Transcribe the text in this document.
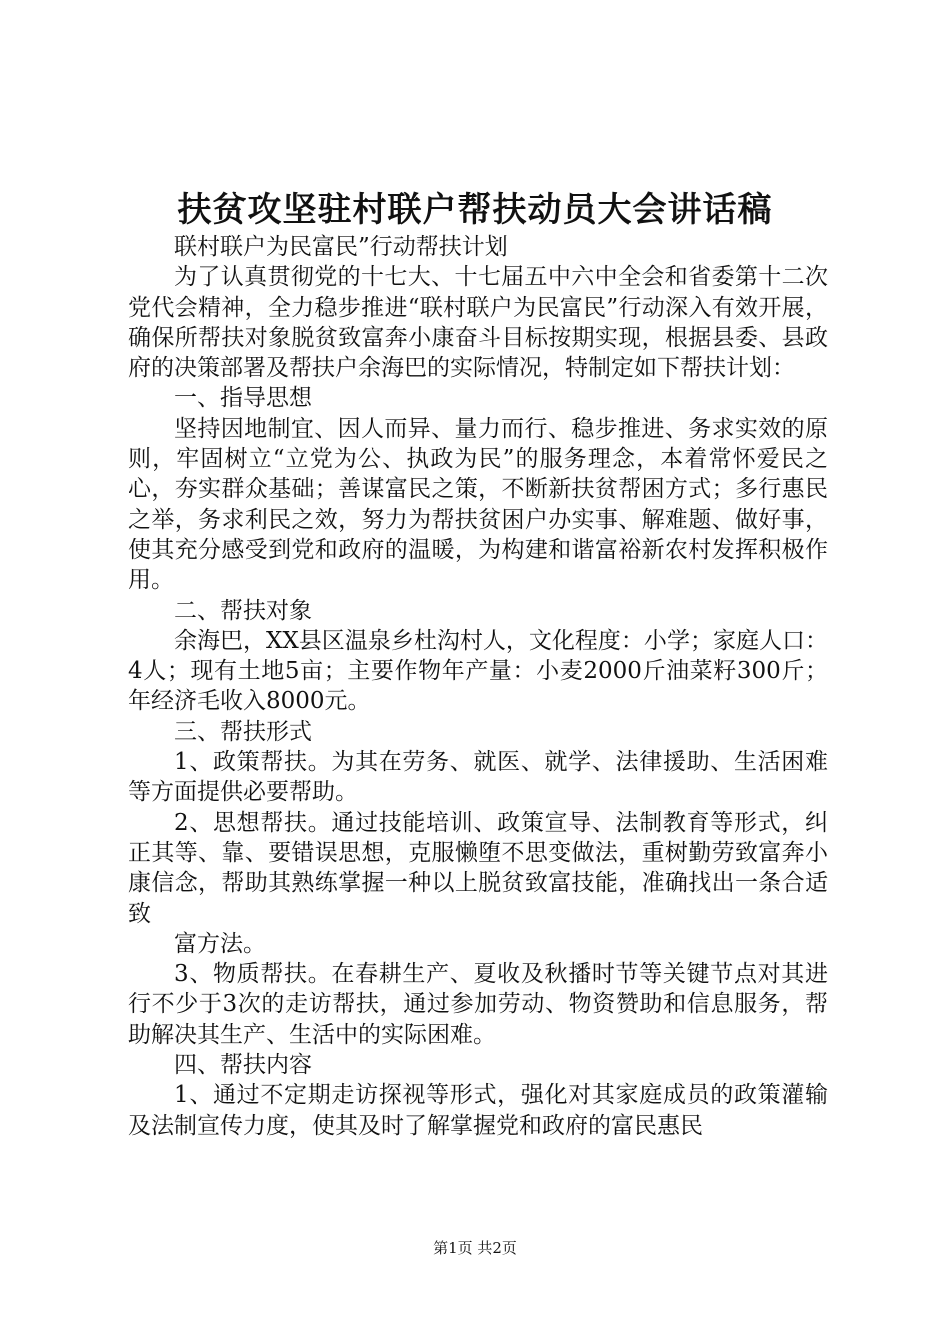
扶贫攻坚驻村联户帮扶动员大会讲话稿

联村联户为民富民”行动帮扶计划

为了认真贯彻党的十七大、十七届五中六中全会和省委第十二次党代会精神，全力稳步推进“联村联户为民富民”行动深入有效开展，确保所帮扶对象脱贫致富奔小康奋斗目标按期实现，根据县委、县政府的决策部署及帮扶户余海巴的实际情况，特制定如下帮扶计划：

一、指导思想

坚持因地制宜、因人而异、量力而行、稳步推进、务求实效的原则，牢固树立“立党为公、执政为民”的服务理念，本着常怀爱民之心，夯实群众基础；善谋富民之策，不断新扶贫帮困方式；多行惠民之举，务求利民之效，努力为帮扶贫困户办实事、解难题、做好事，使其充分感受到党和政府的温暖，为构建和谐富裕新农村发挥积极作用。

二、帮扶对象

余海巴，XX县区温泉乡杜沟村人，文化程度：小学；家庭人口：4人；现有土地5亩；主要作物年产量：小麦2000斤油菜籽300斤；年经济毛收入8000元。

三、帮扶形式

1、政策帮扶。为其在劳务、就医、就学、法律援助、生活困难等方面提供必要帮助。

2、思想帮扶。通过技能培训、政策宣导、法制教育等形式，纠正其等、靠、要错误思想，克服懒堕不思变做法，重树勤劳致富奔小康信念，帮助其熟练掌握一种以上脱贫致富技能，准确找出一条合适致

富方法。

3、物质帮扶。在春耕生产、夏收及秋播时节等关键节点对其进行不少于3次的走访帮扶，通过参加劳动、物资赞助和信息服务，帮助解决其生产、生活中的实际困难。

四、帮扶内容

1、通过不定期走访探视等形式，强化对其家庭成员的政策灌输及法制宣传力度，使其及时了解掌握党和政府的富民惠民

第1页 共2页
